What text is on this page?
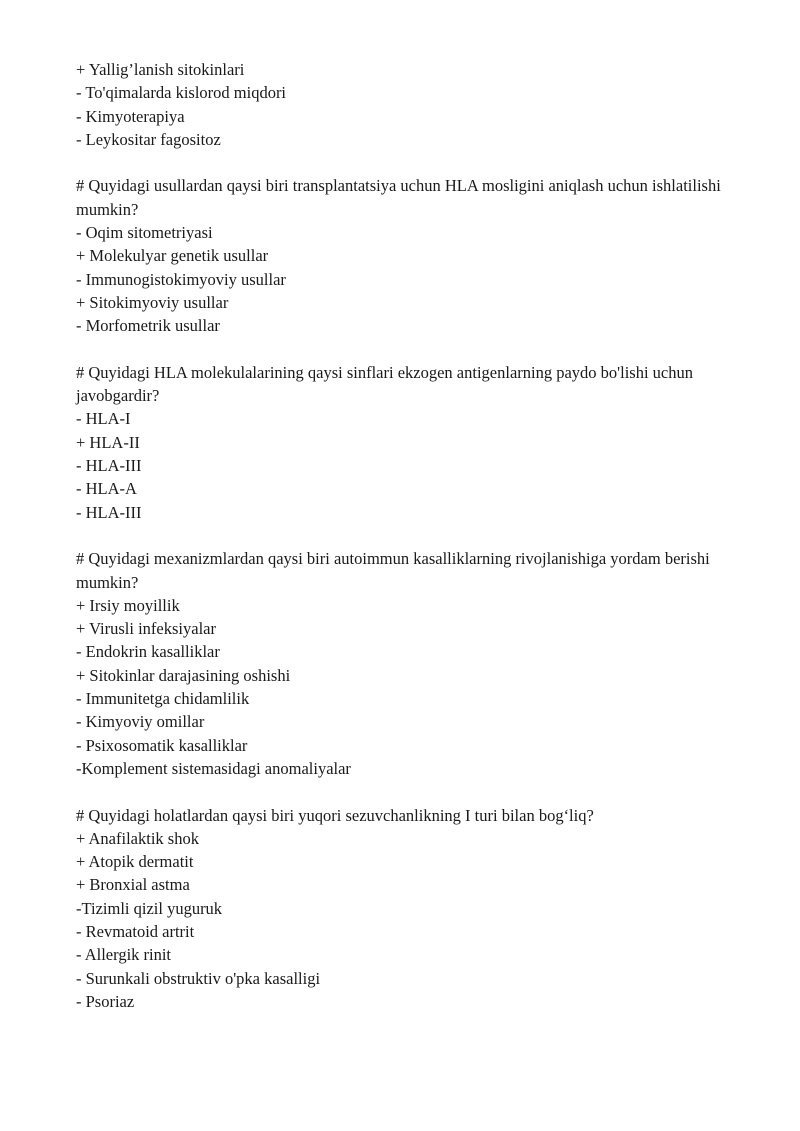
+ Yallig’lanish sitokinlari
- To'qimalarda kislorod miqdori
- Kimyoterapiya
- Leykositar fagositoz
# Quyidagi usullardan qaysi biri transplantatsiya uchun HLA mosligini aniqlash uchun ishlatilishi mumkin?
- Oqim sitometriyasi
+ Molekulyar genetik usullar
- Immunogistokimyoviy usullar
+ Sitokimyoviy usullar
- Morfometrik usullar
# Quyidagi HLA molekulalarining qaysi sinflari ekzogen antigenlarning paydo bo'lishi uchun javobgardir?
- HLA-I
+ HLA-II
- HLA-III
- HLA-A
- HLA-III
# Quyidagi mexanizmlardan qaysi biri autoimmun kasalliklarning rivojlanishiga yordam berishi mumkin?
+ Irsiy moyillik
+ Virusli infeksiyalar
- Endokrin kasalliklar
+ Sitokinlar darajasining oshishi
- Immunitetga chidamlilik
- Kimyoviy omillar
- Psixosomatik kasalliklar
-Komplement sistemasidagi anomaliyalar
# Quyidagi holatlardan qaysi biri yuqori sezuvchanlikning I turi bilan bog‘liq?
+ Anafilaktik shok
+ Atopik dermatit
+ Bronxial astma
-Tizimli qizil yuguruk
- Revmatoid artrit
- Allergik rinit
- Surunkali obstruktiv o'pka kasalligi
- Psoriaz
